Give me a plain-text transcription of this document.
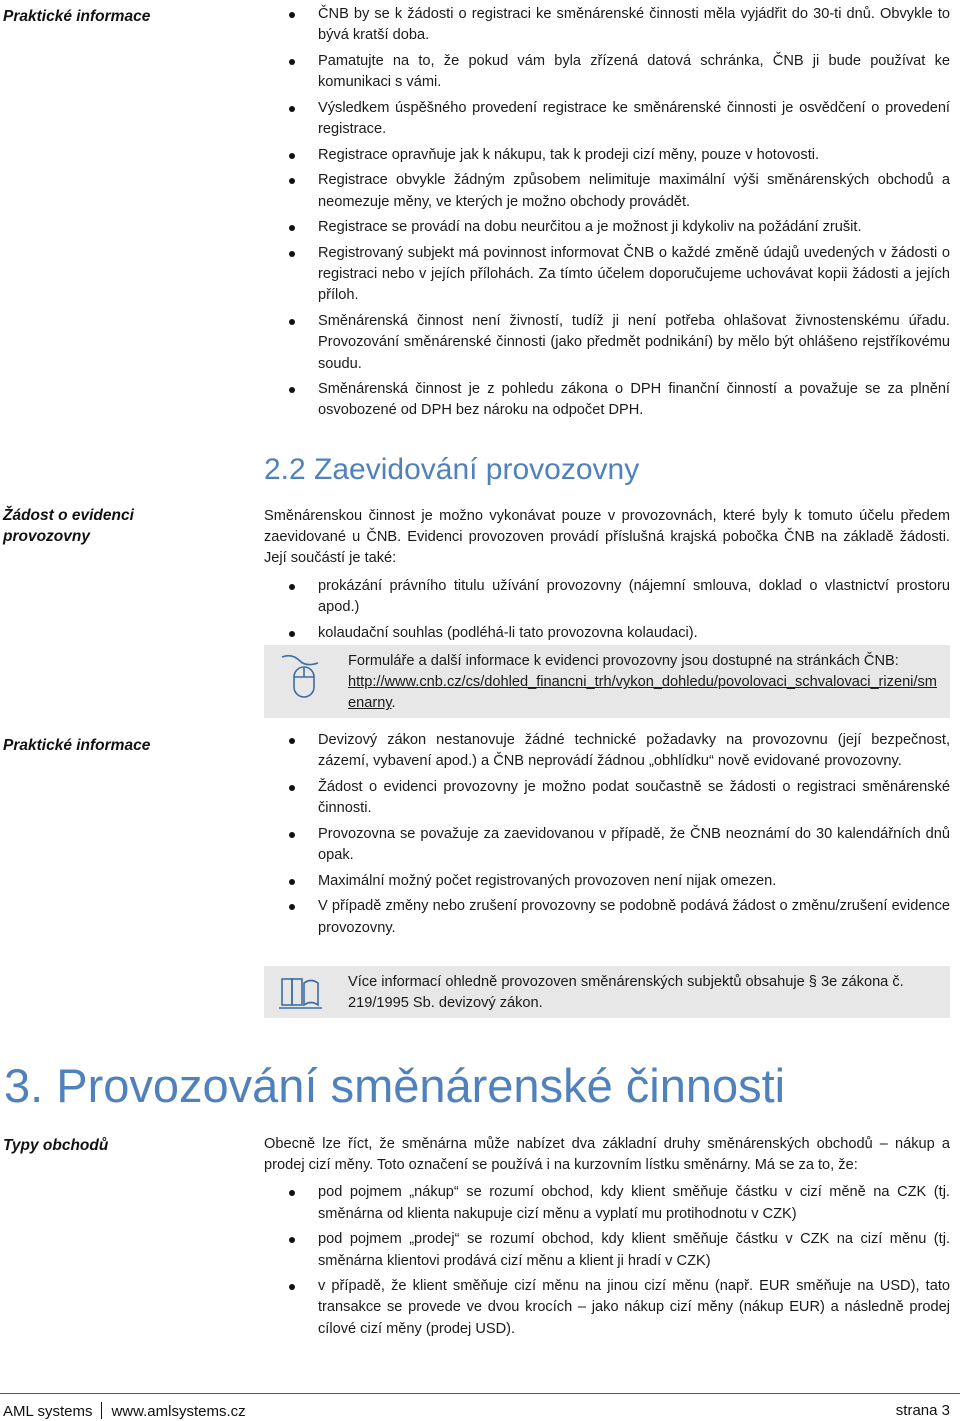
Praktické informace	ČNB by se k žádosti o registraci ke směnárenské činnosti měla vyjádřit do 30-ti dnů. Obvykle to bývá kratší doba.
Pamatujte na to, že pokud vám byla zřízená datová schránka, ČNB ji bude používat ke komunikaci s vámi.
Výsledkem úspěšného provedení registrace ke směnárenské činnosti je osvědčení o provedení registrace.
Registrace opravňuje jak k nákupu, tak k prodeji cizí měny, pouze v hotovosti.
Registrace obvykle žádným způsobem nelimituje maximální výši směnárenských obchodů a neomezuje měny, ve kterých je možno obchody provádět.
Registrace se provádí na dobu neurčitou a je možnost ji kdykoliv na požádání zrušit.
Registrovaný subjekt má povinnost informovat ČNB o každé změně údajů uvedených v žádosti o registraci nebo v jejích přílohách. Za tímto účelem doporučujeme uchovávat kopii žádosti a jejích příloh.
Směnárenská činnost není živností, tudíž ji není potřeba ohlašovat živnostenskému úřadu. Provozování směnárenské činnosti (jako předmět podnikání) by mělo být ohlášeno rejstříkovému soudu.
Směnárenská činnost je z pohledu zákona o DPH finanční činností a považuje se za plnění osvobozené od DPH bez nároku na odpočet DPH.
2.2 Zaevidování provozovny
Žádost o evidenci provozovny

Směnárenskou činnost je možno vykonávat pouze v provozovnách, které byly k tomuto účelu předem zaevidované u ČNB. Evidenci provozoven provádí příslušná krajská pobočka ČNB na základě žádosti. Její součástí je také:

prokázání právního titulu užívání provozovny (nájemní smlouva, doklad o vlastnictví prostoru apod.)
kolaudační souhlas (podléhá-li tato provozovna kolaudaci).
Formuláře a další informace k evidenci provozovny jsou dostupné na stránkách ČNB:
http://www.cnb.cz/cs/dohled_financni_trh/vykon_dohledu/povolovaci_schvalovaci_rizeni/smenarny.
Praktické informace	Devizový zákon nestanovuje žádné technické požadavky na provozovnu (její bezpečnost, zázemí, vybavení apod.) a ČNB neprovádí žádnou „obhlídku“ nově evidované provozovny.
Žádost o evidenci provozovny je možno podat součastně se žádosti o registraci směnárenské činnosti.
Provozovna se považuje za zaevidovanou v případě, že ČNB neoznámí do 30 kalendářních dnů opak.
Maximální možný počet registrovaných provozoven není nijak omezen.
V případě změny nebo zrušení provozovny se podobně podává žádost o změnu/zrušení evidence provozovny.
Více informací ohledně provozoven směnárenských subjektů obsahuje § 3e zákona č. 219/1995 Sb. devizový zákon.
3. Provozování směnárenské činnosti
Typy obchodů	Obecně lze říct, že směnárna může nabízet dva základní druhy směnárenských obchodů – nákup a prodej cizí měny. Toto označení se používá i na kurzovním lístku směnárny. Má se za to, že:

pod pojmem „nákup“ se rozumí obchod, kdy klient směňuje částku v cizí měně na CZK (tj. směnárna od klienta nakupuje cizí měnu a vyplatí mu protihodnotu v CZK)
pod pojmem „prodej“ se rozumí obchod, kdy klient směňuje částku v CZK na cizí měnu (tj. směnárna klientovi prodává cizí měnu a klient ji hradí v CZK)
v případě, že klient směňuje cizí měnu na jinou cizí měnu (např. EUR směňuje na USD), tato transakce se provede ve dvou krocích – jako nákup cizí měny (nákup EUR) a následně prodej cílové cizí měny (prodej USD).
AML systems www.amlsystems.cz	strana 3
